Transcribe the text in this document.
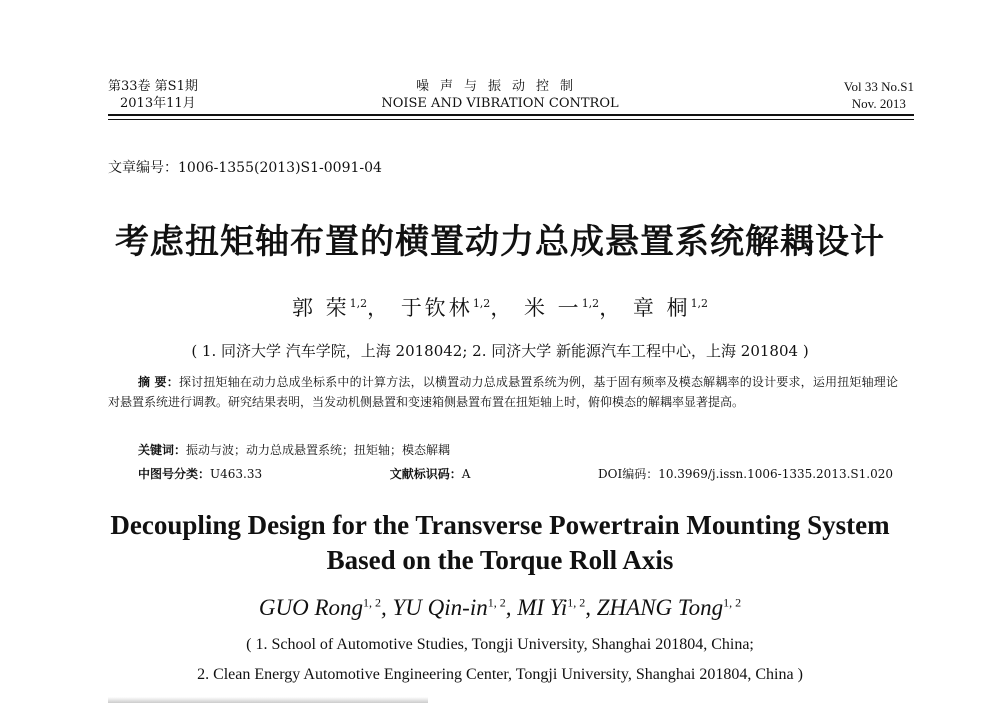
第33卷 第S1期
2013年11月
噪声与振动控制
NOISE AND VIBRATION CONTROL
Vol 33 No.S1
Nov. 2013
文章编号：1006-1355(2013)S1-0091-04
考虑扭矩轴布置的横置动力总成悬置系统解耦设计
郭 荣$^{1,2}$， 于钦林$^{1,2}$， 米 一$^{1,2}$， 章 桐$^{1,2}$
( 1. 同济大学 汽车学院，上海 2018042; 2. 同济大学 新能源汽车工程中心，上海 201804 )
摘 要：探讨扭矩轴在动力总成坐标系中的计算方法，以横置动力总成悬置系统为例，基于固有频率及模态解耦率的设计要求，运用扭矩轴理论对悬置系统进行调教。研究结果表明，当发动机侧悬置和变速箱侧悬置布置在扭矩轴上时，俯仰模态的解耦率显著提高。
关键词：振动与波；动力总成悬置系统；扭矩轴；模态解耦
中图号分类：U463.33	文献标识码：A	DOI编码：10.3969/j.issn.1006-1335.2013.S1.020
Decoupling Design for the Transverse Powertrain Mounting System
Based on the Torque Roll Axis
GUO Rong$^{1, 2}$, YU Qin-in$^{1, 2}$, MI Yi$^{1, 2}$, ZHANG Tong$^{1, 2}$
( 1. School of Automotive Studies, Tongji University, Shanghai 201804, China;
2. Clean Energy Automotive Engineering Center, Tongji University, Shanghai 201804, China )
